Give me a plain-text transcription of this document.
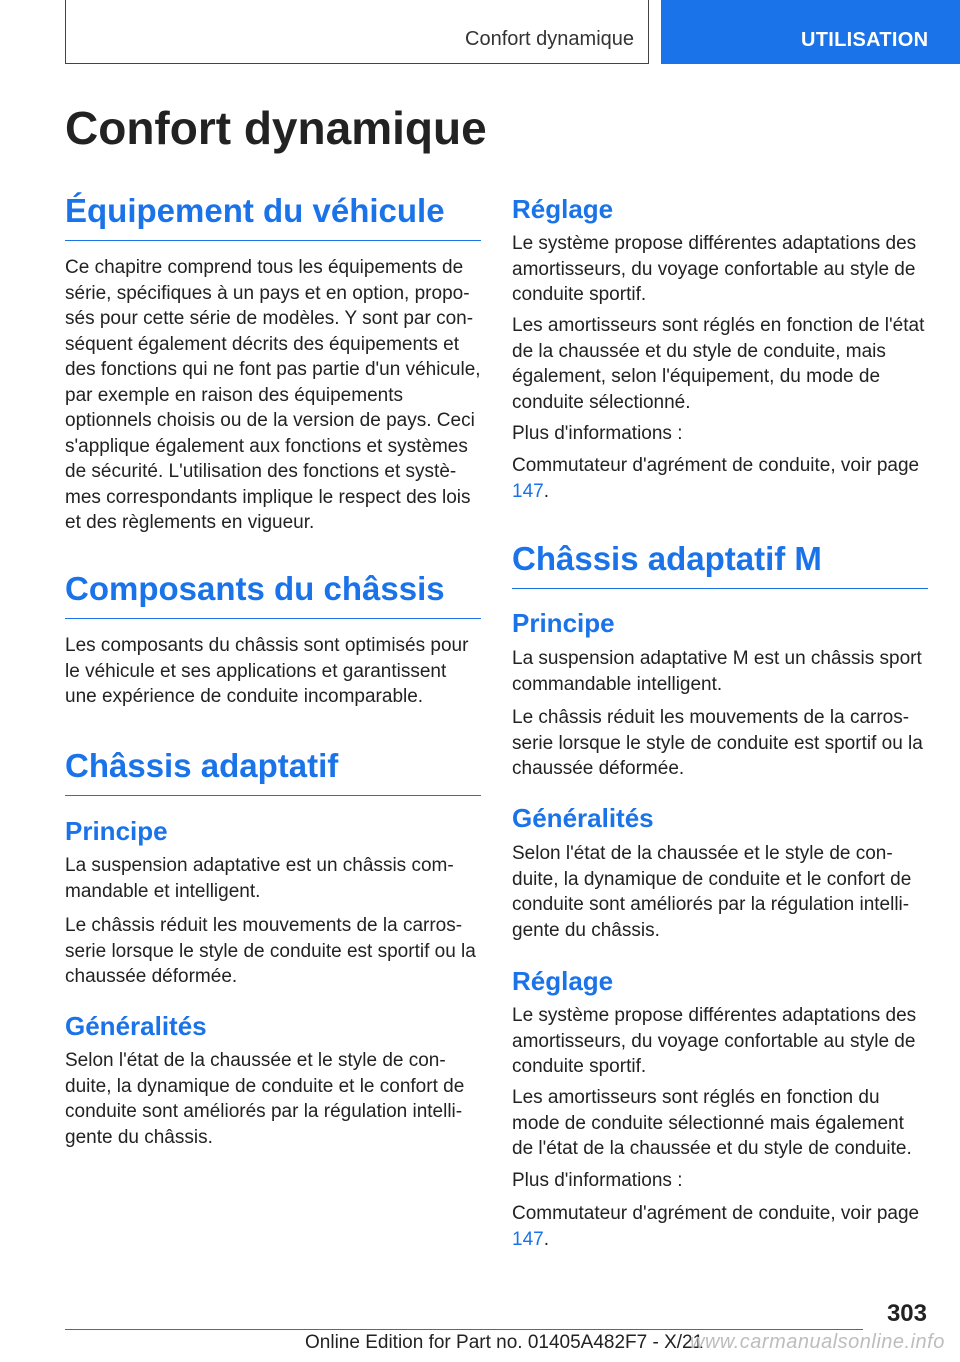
Confort dynamique	UTILISATION
Confort dynamique
Équipement du véhicule

Ce chapitre comprend tous les équipements de série, spécifiques à un pays et en option, proposés pour cette série de modèles. Y sont par conséquent également décrits des équipements et des fonctions qui ne font pas partie d'un véhicule, par exemple en raison des équipements optionnels choisis ou de la version de pays. Ceci s'applique également aux fonctions et systèmes de sécurité. L'utilisation des fonctions et systèmes correspondants implique le respect des lois et des règlements en vigueur.

Composants du châssis

Les composants du châssis sont optimisés pour le véhicule et ses applications et garantissent une expérience de conduite incomparable.

Châssis adaptatif
Principe

La suspension adaptative est un châssis commandable et intelligent.

Le châssis réduit les mouvements de la carrosserie lorsque le style de conduite est sportif ou la chaussée déformée.

Généralités

Selon l'état de la chaussée et le style de conduite, la dynamique de conduite et le confort de conduite sont améliorés par la régulation intelligente du châssis.

Réglage

Le système propose différentes adaptations des amortisseurs, du voyage confortable au style de conduite sportif.

Les amortisseurs sont réglés en fonction de l'état de la chaussée et du style de conduite, mais également, selon l'équipement, du mode de conduite sélectionné.

Plus d'informations :

Commutateur d'agrément de conduite, voir page 147.

Châssis adaptatif M
Principe

La suspension adaptative M est un châssis sport commandable intelligent.

Le châssis réduit les mouvements de la carrosserie lorsque le style de conduite est sportif ou la chaussée déformée.

Généralités

Selon l'état de la chaussée et le style de conduite, la dynamique de conduite et le confort de conduite sont améliorés par la régulation intelligente du châssis.

Réglage

Le système propose différentes adaptations des amortisseurs, du voyage confortable au style de conduite sportif.

Les amortisseurs sont réglés en fonction du mode de conduite sélectionné mais également de l'état de la chaussée et du style de conduite.

Plus d'informations :

Commutateur d'agrément de conduite, voir page 147.

303
Online Edition for Part no. 01405A482F7 - X/21
www.carmanualsonline.info
